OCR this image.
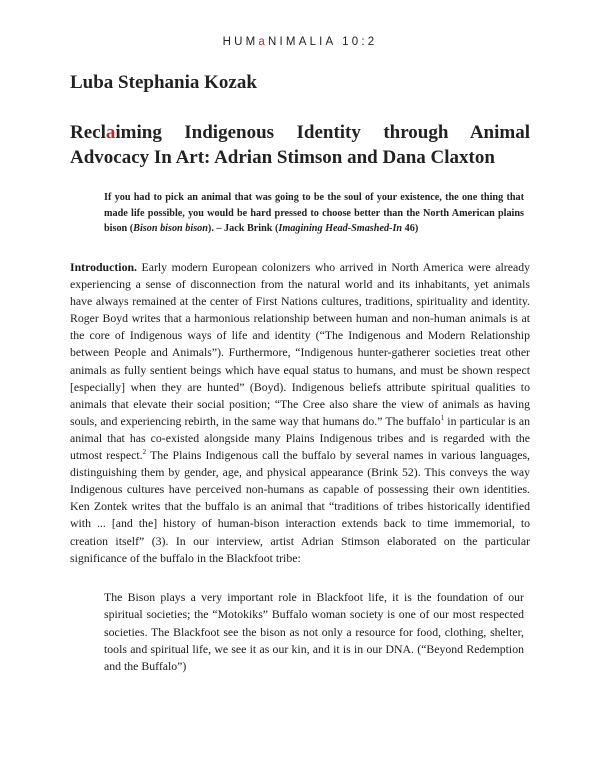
HUMaNIMALIA 10:2
Luba Stephania Kozak
Reclaiming Indigenous Identity through Animal Advocacy In Art: Adrian Stimson and Dana Claxton
If you had to pick an animal that was going to be the soul of your existence, the one thing that made life possible, you would be hard pressed to choose better than the North American plains bison (Bison bison bison). – Jack Brink (Imagining Head-Smashed-In 46)

Introduction. Early modern European colonizers who arrived in North America were already experiencing a sense of disconnection from the natural world and its inhabitants, yet animals have always remained at the center of First Nations cultures, traditions, spirituality and identity. Roger Boyd writes that a harmonious relationship between human and non-human animals is at the core of Indigenous ways of life and identity (“The Indigenous and Modern Relationship between People and Animals”). Furthermore, “Indigenous hunter-gatherer societies treat other animals as fully sentient beings which have equal status to humans, and must be shown respect [especially] when they are hunted” (Boyd). Indigenous beliefs attribute spiritual qualities to animals that elevate their social position; “The Cree also share the view of animals as having souls, and experiencing rebirth, in the same way that humans do.” The buffalo$^1$ in particular is an animal that has co-existed alongside many Plains Indigenous tribes and is regarded with the utmost respect.$^2$ The Plains Indigenous call the buffalo by several names in various languages, distinguishing them by gender, age, and physical appearance (Brink 52). This conveys the way Indigenous cultures have perceived non-humans as capable of possessing their own identities. Ken Zontek writes that the buffalo is an animal that “traditions of tribes historically identified with ... [and the] history of human-bison interaction extends back to time immemorial, to creation itself” (3). In our interview, artist Adrian Stimson elaborated on the particular significance of the buffalo in the Blackfoot tribe:

The Bison plays a very important role in Blackfoot life, it is the foundation of our spiritual societies; the “Motokiks” Buffalo woman society is one of our most respected societies. The Blackfoot see the bison as not only a resource for food, clothing, shelter, tools and spiritual life, we see it as our kin, and it is in our DNA. (“Beyond Redemption and the Buffalo”)
